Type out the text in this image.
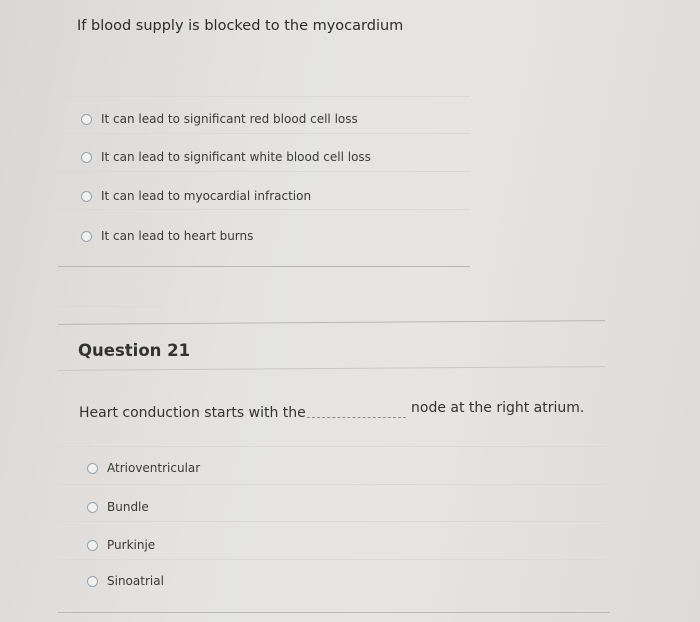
If blood supply is blocked to the myocardium
It can lead to significant red blood cell loss
It can lead to significant white blood cell loss
It can lead to myocardial infraction
It can lead to heart burns
Question 21
Heart conduction starts with the	node at the right atrium.
Atrioventricular
Bundle
Purkinje
Sinoatrial
